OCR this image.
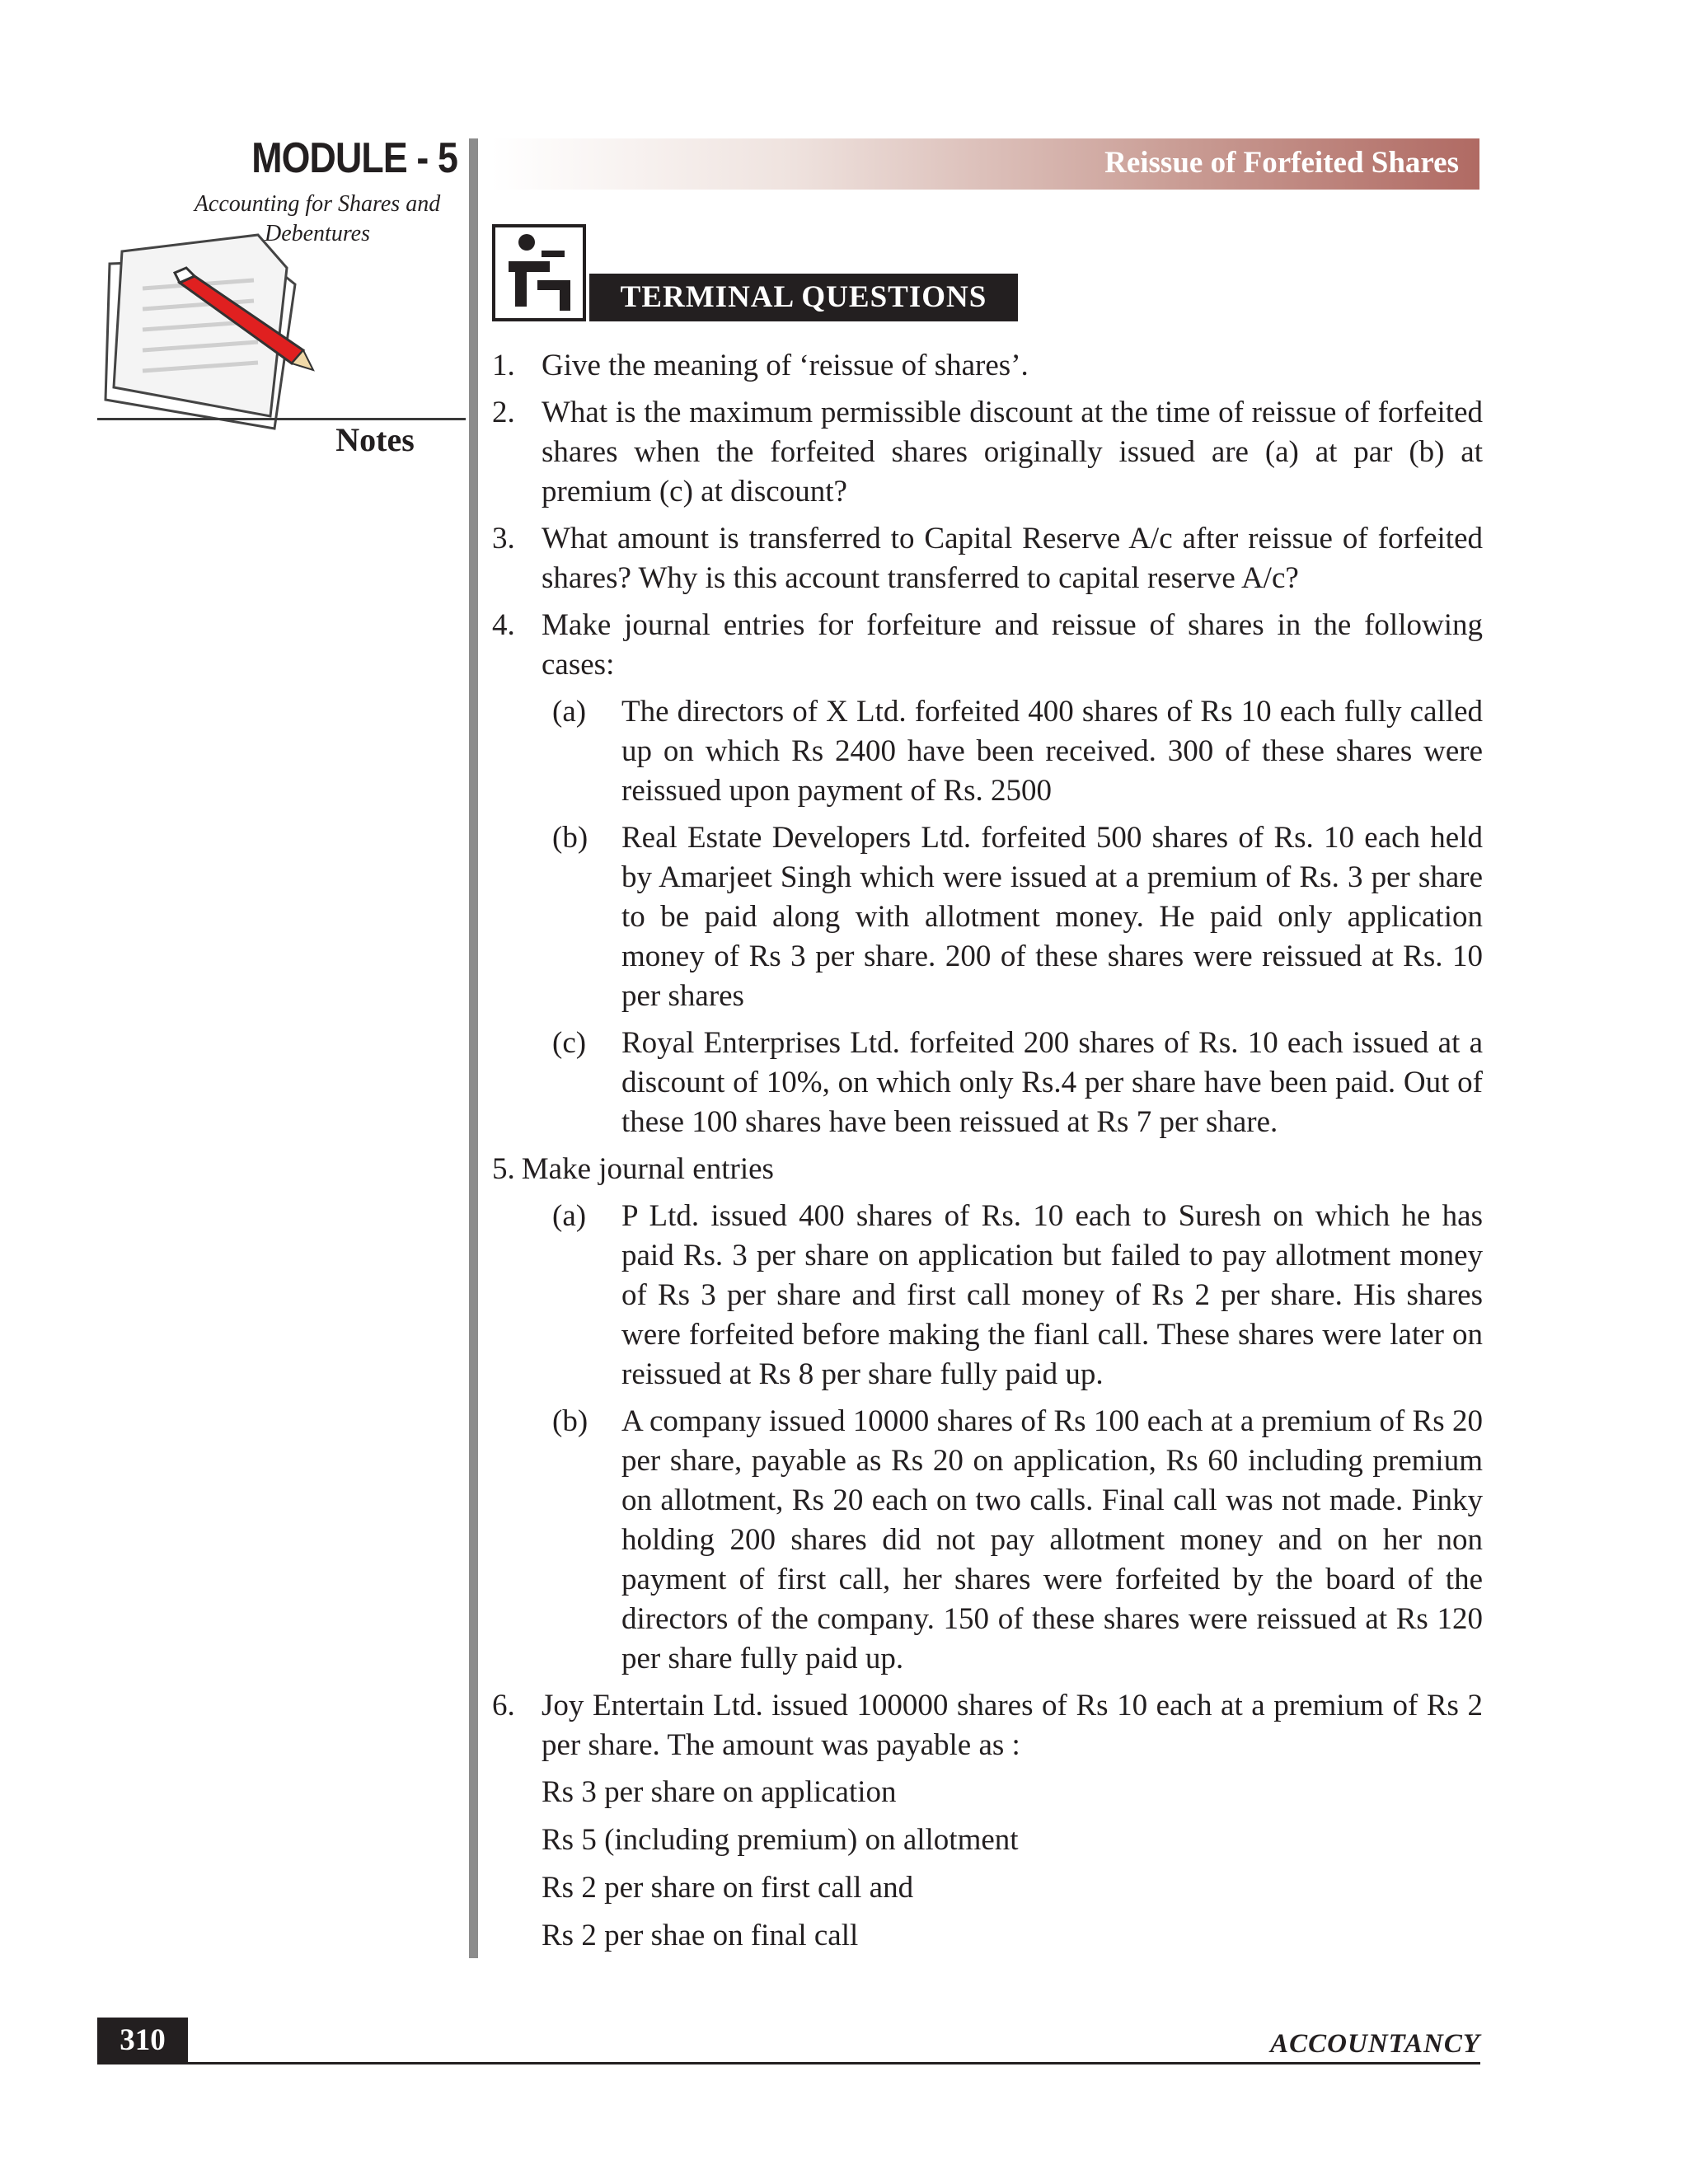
MODULE - 5
Accounting for Shares and Debentures
Notes
Reissue of Forfeited Shares
TERMINAL QUESTIONS
1. Give the meaning of ‘reissue of shares’.

2. What is the maximum permissible discount at the time of reissue of forfeited shares when the forfeited shares originally issued are (a) at par (b) at premium (c) at discount?

3. What amount is transferred to Capital Reserve A/c after reissue of forfeited shares? Why is this account transferred to capital reserve A/c?

4. Make journal entries for forfeiture and reissue of shares in the following cases:

(a) The directors of X Ltd. forfeited 400 shares of Rs 10 each fully called up on which Rs 2400 have been received. 300 of these shares were reissued upon payment of Rs. 2500
(b) Real Estate Developers Ltd. forfeited 500 shares of Rs. 10 each held by Amarjeet Singh which were issued at a premium of Rs. 3 per share to be paid along with allotment money. He paid only application money of Rs 3 per share. 200 of these shares were reissued at Rs. 10 per shares
(c) Royal Enterprises Ltd. forfeited 200 shares of Rs. 10 each issued at a discount of 10%, on which only Rs.4 per share have been paid. Out of these 100 shares have been reissued at Rs 7 per share.
5. Make journal entries
(a) P Ltd. issued 400 shares of Rs. 10 each to Suresh on which he has paid Rs. 3 per share on application but failed to pay allotment money of Rs 3 per share and first call money of Rs 2 per share. His shares were forfeited before making the fianl call. These shares were later on reissued at Rs 8 per share fully paid up.
(b) A company issued 10000 shares of Rs 100 each at a premium of Rs 20 per share, payable as Rs 20 on application, Rs 60 including premium on allotment, Rs 20 each on two calls. Final call was not made. Pinky holding 200 shares did not pay allotment money and on her non payment of first call, her shares were forfeited by the board of the directors of the company. 150 of these shares were reissued at Rs 120 per share fully paid up.
6. Joy Entertain Ltd. issued 100000 shares of Rs 10 each at a premium of Rs 2 per share. The amount was payable as :

Rs 3 per share on application
Rs 5 (including premium) on allotment
Rs 2 per share on first call and
Rs 2 per shae on final call
310	ACCOUNTANCY
